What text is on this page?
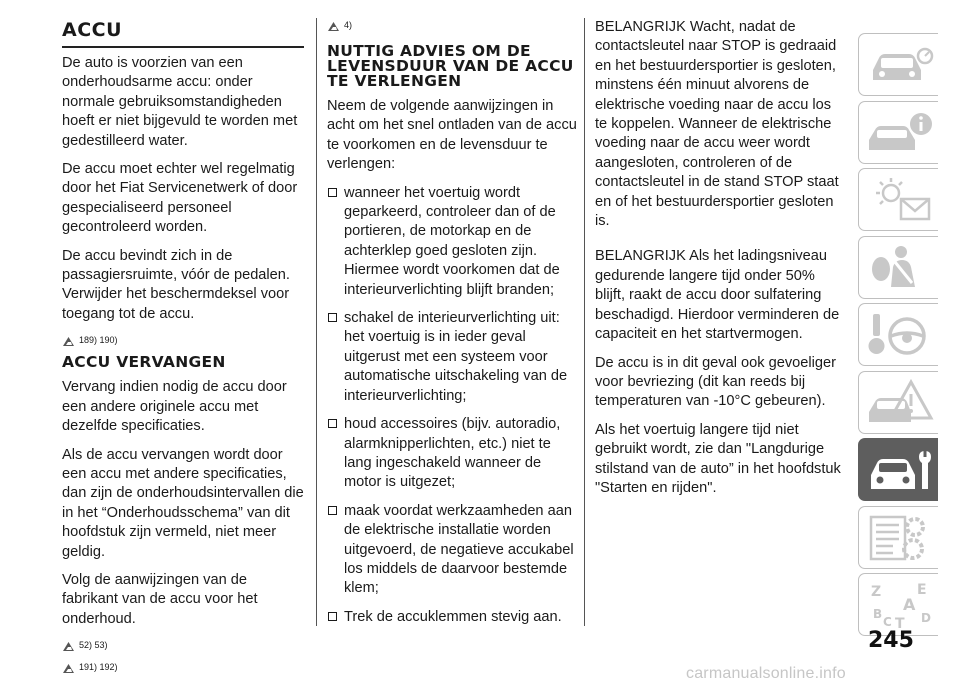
ACCU

De auto is voorzien van een onderhoudsarme accu: onder normale gebruiksomstandigheden hoeft er niet bijgevuld te worden met gedestilleerd water.

De accu moet echter wel regelmatig door het Fiat Servicenetwerk of door gespecialiseerd personeel gecontroleerd worden.

De accu bevindt zich in de passagiersruimte, vóór de pedalen. Verwijder het beschermdeksel voor toegang tot de accu.

189) 190)
ACCU VERVANGEN

Vervang indien nodig de accu door een andere originele accu met dezelfde specificaties.

Als de accu vervangen wordt door een accu met andere specificaties, dan zijn de onderhoudsintervallen die in het “Onderhoudsschema” van dit hoofdstuk zijn vermeld, niet meer geldig.

Volg de aanwijzingen van de fabrikant van de accu voor het onderhoud.

52) 53)
191) 192)
4)
NUTTIG ADVIES OM DE LEVENSDUUR VAN DE ACCU TE VERLENGEN

Neem de volgende aanwijzingen in acht om het snel ontladen van de accu te voorkomen en de levensduur te verlengen:

wanneer het voertuig wordt geparkeerd, controleer dan of de portieren, de motorkap en de achterklep goed gesloten zijn. Hiermee wordt voorkomen dat de interieurverlichting blijft branden;
schakel de interieurverlichting uit: het voertuig is in ieder geval uitgerust met een systeem voor automatische uitschakeling van de interieurverlichting;
houd accessoires (bijv. autoradio, alarmknipperlichten, etc.) niet te lang ingeschakeld wanneer de motor is uitgezet;
maak voordat werkzaamheden aan de elektrische installatie worden uitgevoerd, de negatieve accukabel los middels de daarvoor bestemde klem;
Trek de accuklemmen stevig aan.

BELANGRIJK Wacht, nadat de contactsleutel naar STOP is gedraaid en het bestuurdersportier is gesloten, minstens één minuut alvorens de elektrische voeding naar de accu los te koppelen. Wanneer de elektrische voeding naar de accu weer wordt aangesloten, controleren of de contactsleutel in de stand STOP staat en of het bestuurdersportier gesloten is.

BELANGRIJK Als het ladingsniveau gedurende langere tijd onder 50% blijft, raakt de accu door sulfatering beschadigd. Hierdoor verminderen de capaciteit en het startvermogen.

De accu is in dit geval ook gevoeliger voor bevriezing (dit kan reeds bij temperaturen van -10°C gebeuren).

Als het voertuig langere tijd niet gebruikt wordt, zie dan "Langdurige stilstand van de auto” in het hoofdstuk "Starten en rijden".

Z	E
A
B
C T D
245
carmanualsonline.info
